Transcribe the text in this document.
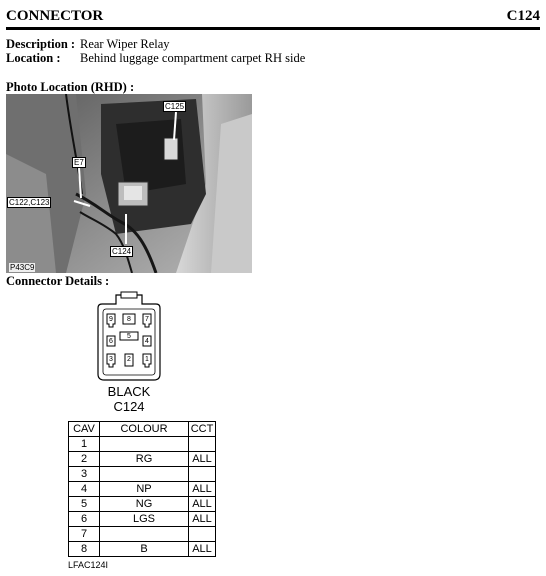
CONNECTOR	C124
Description : Rear Wiper Relay
Location : Behind luggage compartment carpet RH side
Photo Location (RHD) :
C125
E7
C122,C123
C124
P43C9
Connector Details :
9 8 7
5
6	4
3 2 1
BLACK
C124
CAV	COLOUR	CCT
1		
2	RG	ALL
3		
4	NP	ALL
5	NG	ALL
6	LGS	ALL
7		
8	B	ALL
LFAC124I
